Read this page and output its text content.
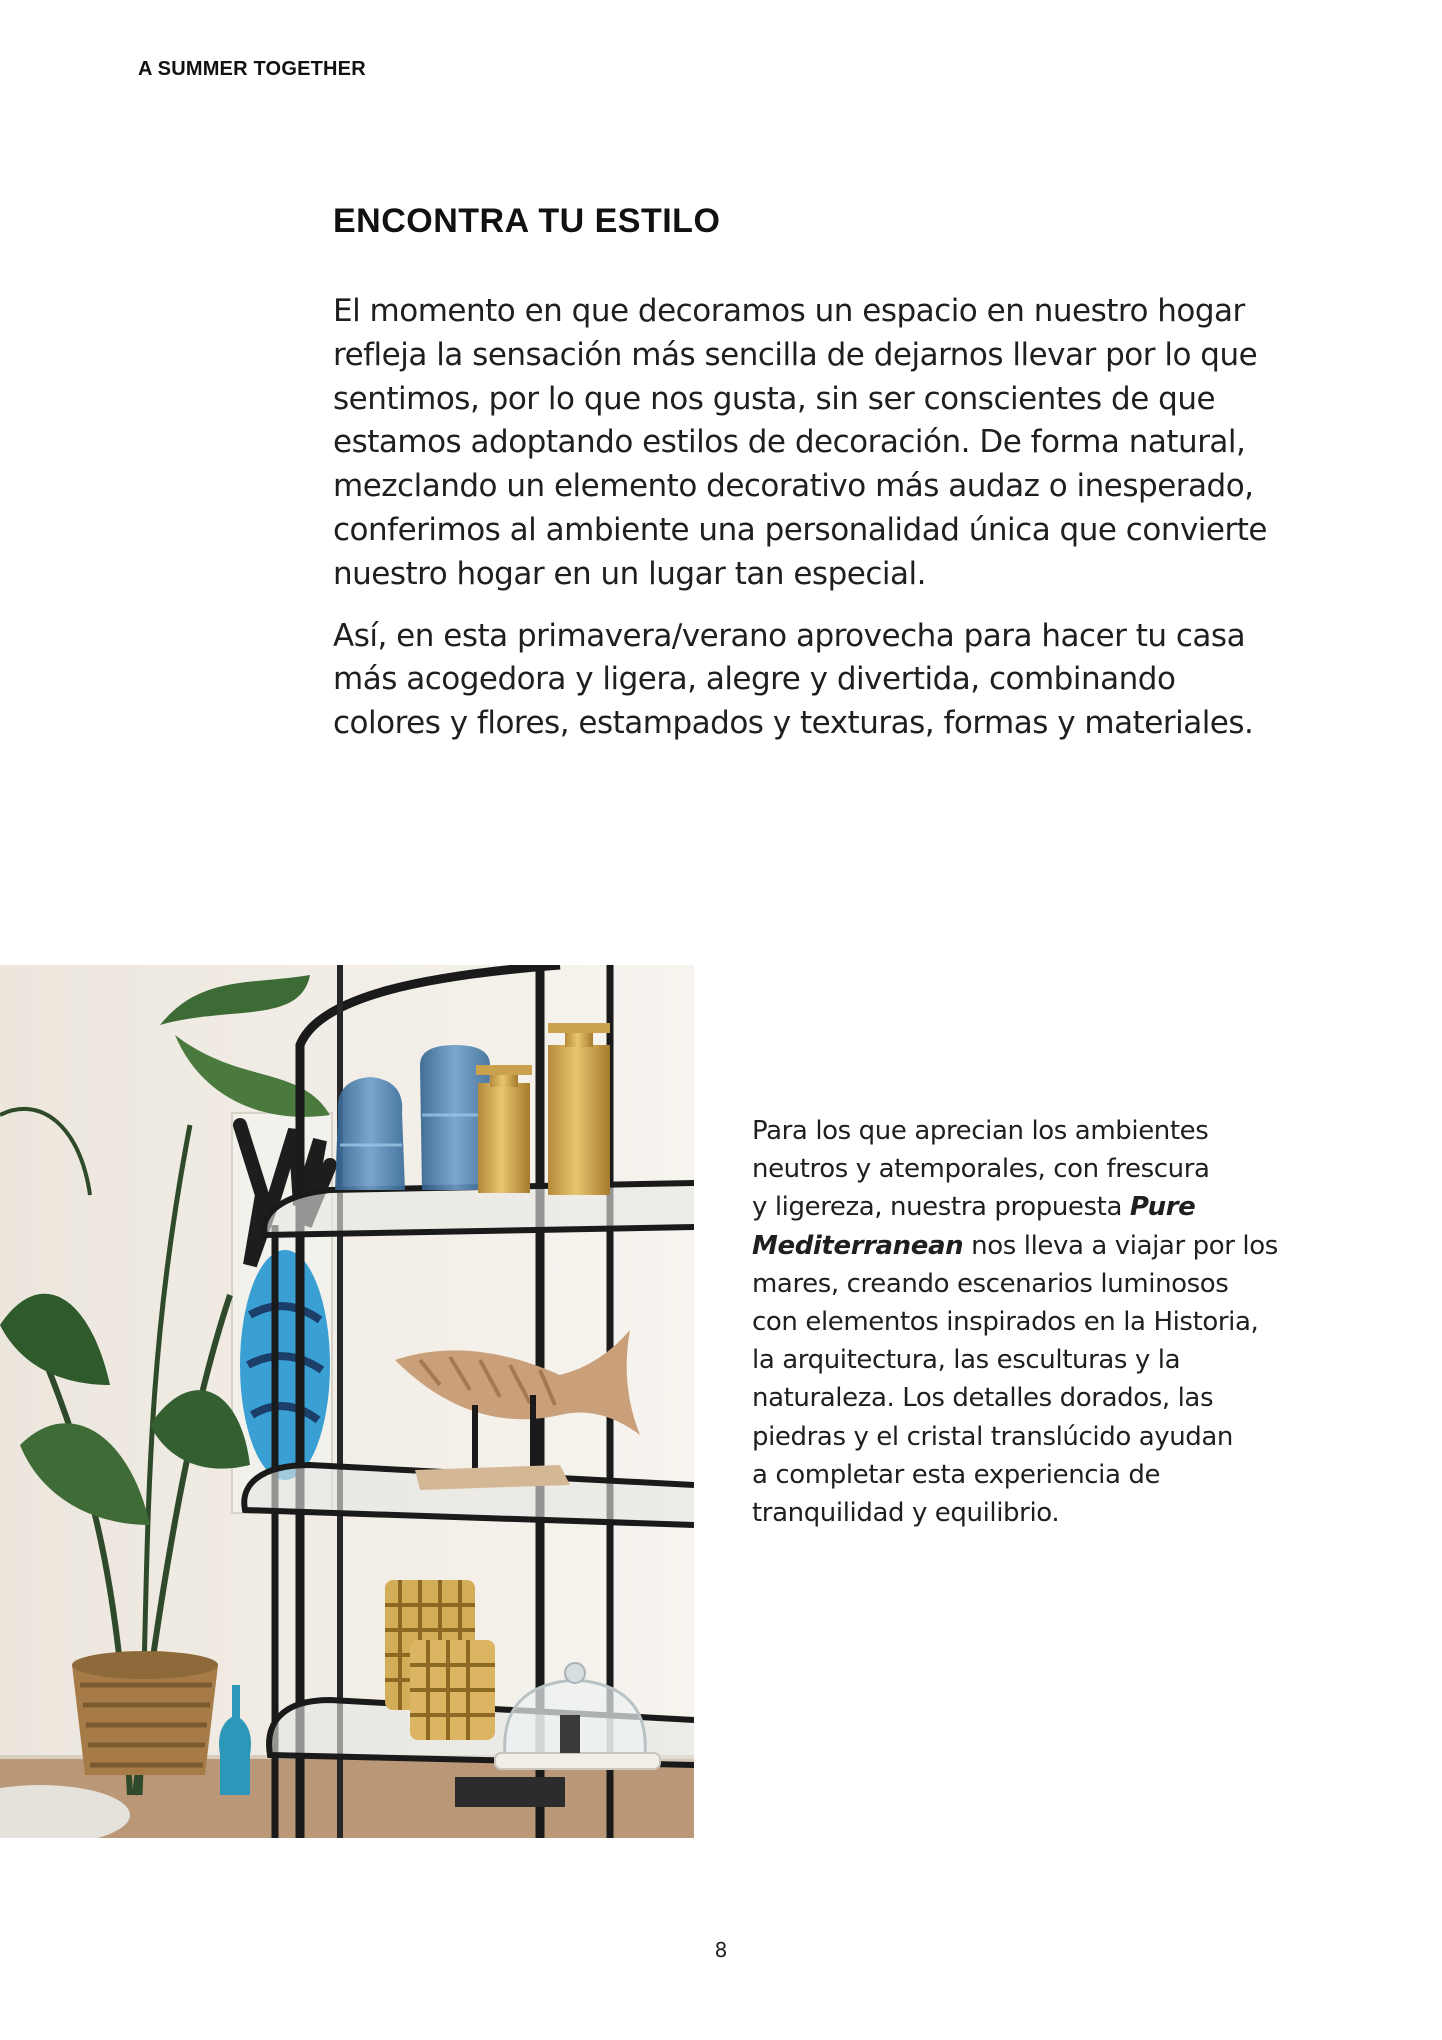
A SUMMER TOGETHER
ENCONTRA TU ESTILO
El momento en que decoramos un espacio en nuestro hogar
refleja la sensación más sencilla de dejarnos llevar por lo que
sentimos, por lo que nos gusta, sin ser conscientes de que
estamos adoptando estilos de decoración. De forma natural,
mezclando un elemento decorativo más audaz o inesperado,
conferimos al ambiente una personalidad única que convierte
nuestro hogar en un lugar tan especial.
Así, en esta primavera/verano aprovecha para hacer tu casa
más acogedora y ligera, alegre y divertida, combinando
colores y flores, estampados y texturas, formas y materiales.
Para los que aprecian los ambientes
neutros y atemporales, con frescura
y ligereza, nuestra propuesta Pure
Mediterranean nos lleva a viajar por los
mares, creando escenarios luminosos
con elementos inspirados en la Historia,
la arquitectura, las esculturas y la
naturaleza. Los detalles dorados, las
piedras y el cristal translúcido ayudan
a completar esta experiencia de
tranquilidad y equilibrio.
8
